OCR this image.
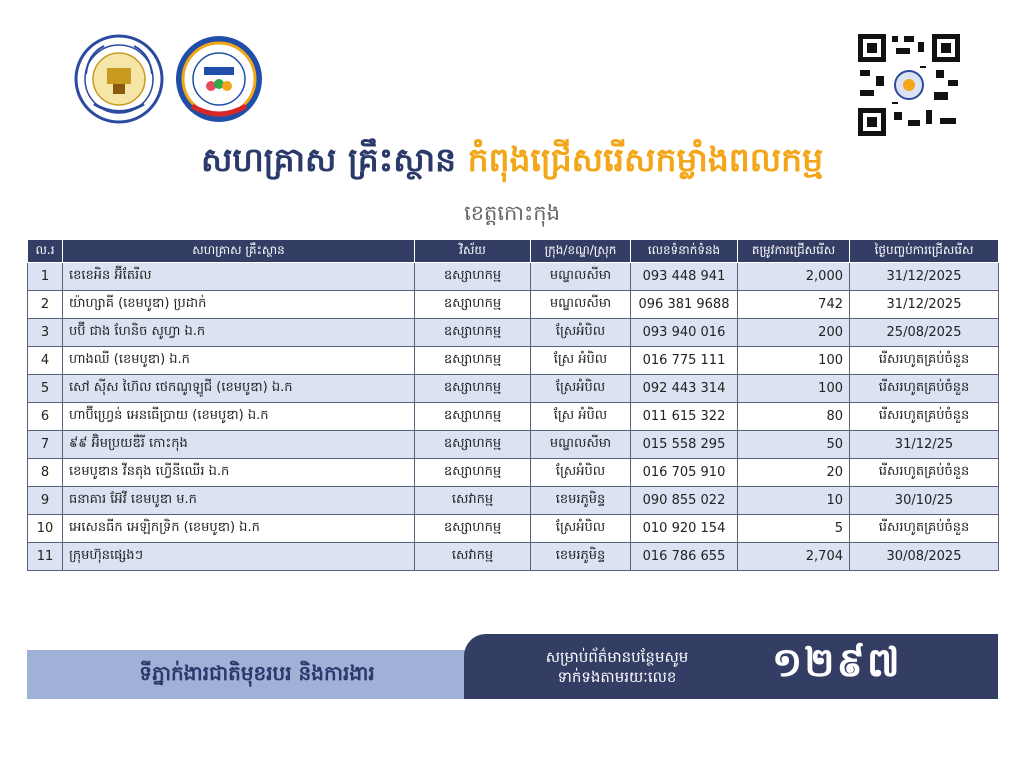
សហគ្រាស គ្រឹះស្ថាន កំពុងជ្រើសរើសកម្លាំងពលកម្ម
ខេត្តកោះកុង
ល.រ	សហគ្រាស គ្រឹះស្ថាន	វិស័យ	ក្រុង/ខណ្ឌ/ស្រុក	លេខទំនាក់ទំនង	តម្រូវការជ្រើសរើស	ថ្ងៃបញ្ចប់ការជ្រើសរើស
1	ខេខេអិន អ៊ីតែរីល	ឧស្សាហកម្ម	មណ្ឌលសីមា	093 448 941	2,000	31/12/2025
2	យ៉ាហ្សាគី (ខេមបូឌា) ប្រដាក់	ឧស្សាហកម្ម	មណ្ឌលសីមា	096 381 9688	742	31/12/2025
3	បប៊ី ជាង ហែនិច សូហ្វា ឯ.ក	ឧស្សាហកម្ម	ស្រែអំបិល	093 940 016	200	25/08/2025
4	ហាងឈី (ខេមបូឌា) ឯ.ក	ឧស្សាហកម្ម	ស្រែ អំបិល	016 775 111	100	រើសរហូតគ្រប់ចំនួន
5	សៅ ស៊ីស ហ៊ៃល ថេកណូឡូជី (ខេមបូឌា) ឯ.ក	ឧស្សាហកម្ម	ស្រែអំបិល	092 443 314	100	រើសរហូតគ្រប់ចំនួន
6	ហាប៊ីហ្វ្រេន់ អេនធើប្រាយ (ខេមបូឌា) ឯ.ក	ឧស្សាហកម្ម	ស្រែ អំបិល	011 615 322	80	រើសរហូតគ្រប់ចំនួន
7	៩៩ អ៊ិមប្រយឌឺរី កោះកុង	ឧស្សាហកម្ម	មណ្ឌលសីមា	015 558 295	50	31/12/25
8	ខេមបូឌាន វីនតុង ហ្វើនីឈើរ ឯ.ក	ឧស្សាហកម្ម	ស្រែអំបិល	016 705 910	20	រើសរហូតគ្រប់ចំនួន
9	ធនាគារ អ៊ែវី ខេមបូឌា ម.ក	សេវាកម្ម	ខេមរភូមិន្ទ	090 855 022	10	30/10/25
10	អេសេនធីក អេឡិកទ្រិក (ខេមបូឌា) ឯ.ក	ឧស្សាហកម្ម	ស្រែអំបិល	010 920 154	5	រើសរហូតគ្រប់ចំនួន
11	ក្រុមហ៊ុនផ្សេងៗ	សេវាកម្ម	ខេមរភូមិន្ទ	016 786 655	2,704	30/08/2025
ទីភ្នាក់ងារជាតិមុខរបរ និងការងារ
សម្រាប់ព័ត៌មានបន្ថែមសូម
ទាក់ទងតាមរយៈលេខ	១២៩៧
